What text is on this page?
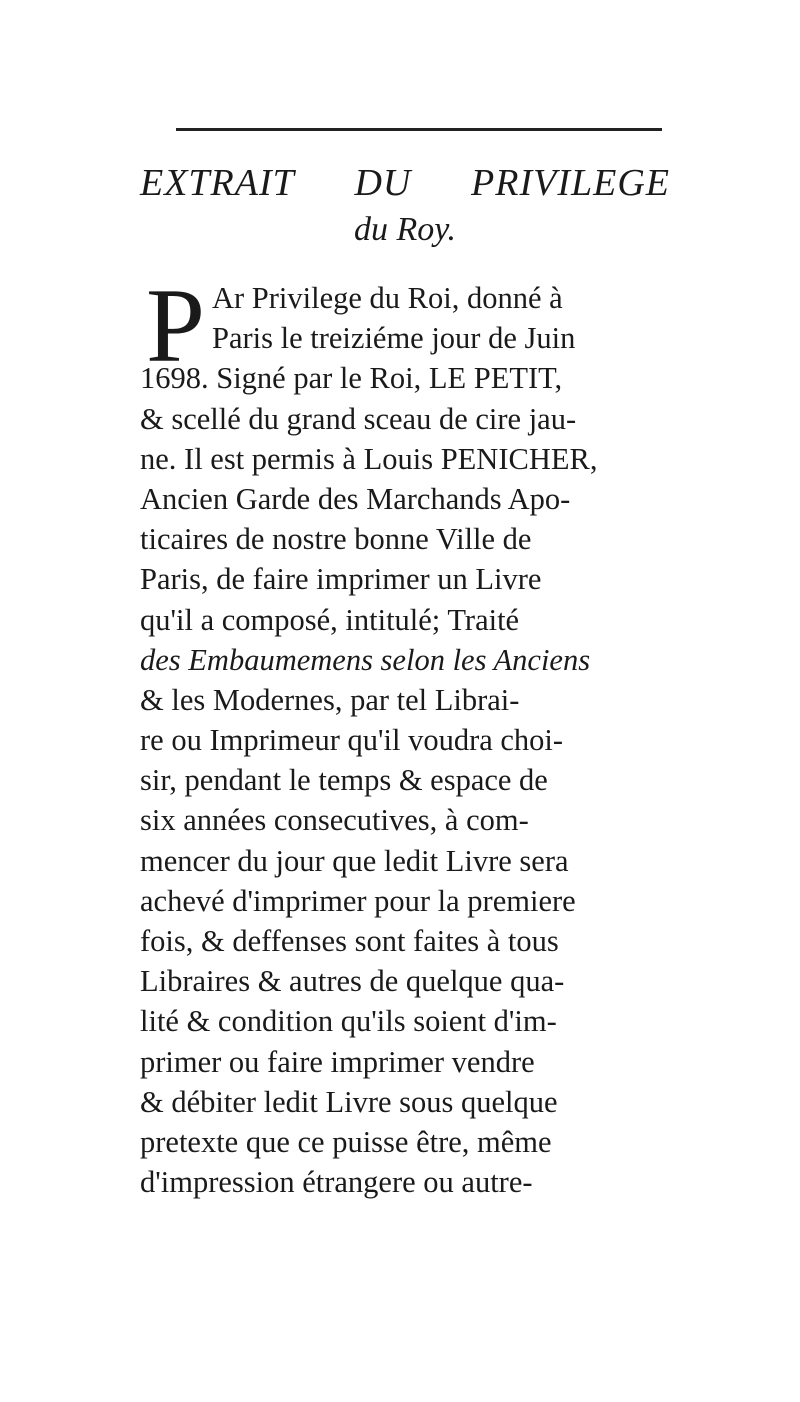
EXTRAIT DU PRIVILEGE
du Roy.
P Ar Privilege du Roi, donné à
Paris le treiziéme jour de Juin
1698. Signé par le Roi, LE PETIT,
& scellé du grand sceau de cire jau-
ne. Il est permis à Louis PENICHER,
Ancien Garde des Marchands Apo-
ticaires de nostre bonne Ville de
Paris, de faire imprimer un Livre
qu'il a composé, intitulé; Traité
des Embaumemens selon les Anciens
& les Modernes, par tel Librai-
re ou Imprimeur qu'il voudra choi-
sir, pendant le temps & espace de
six années consecutives, à com-
mencer du jour que ledit Livre sera
achevé d'imprimer pour la premiere
fois, & deffenses sont faites à tous
Libraires & autres de quelque qua-
lité & condition qu'ils soient d'im-
primer ou faire imprimer vendre
& débiter ledit Livre sous quelque
pretexte que ce puisse être, même
d'impression étrangere ou autre-
